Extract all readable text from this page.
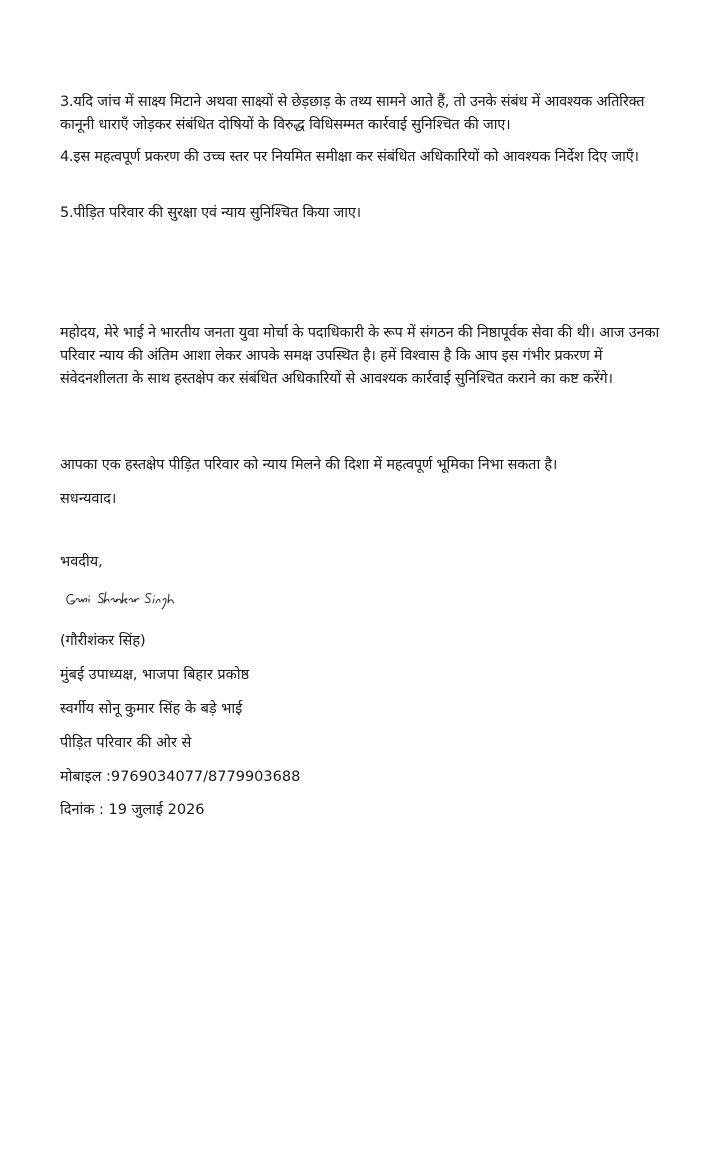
3.यदि जांच में साक्ष्य मिटाने अथवा साक्ष्यों से छेड़छाड़ के तथ्य सामने आते हैं, तो उनके संबंध में आवश्यक अतिरिक्त कानूनी धाराएँ जोड़कर संबंधित दोषियों के विरुद्ध विधिसम्मत कार्रवाई सुनिश्चित की जाए।
4.इस महत्वपूर्ण प्रकरण की उच्च स्तर पर नियमित समीक्षा कर संबंधित अधिकारियों को आवश्यक निर्देश दिए जाएँ।
5.पीड़ित परिवार की सुरक्षा एवं न्याय सुनिश्चित किया जाए।
महोदय, मेरे भाई ने भारतीय जनता युवा मोर्चा के पदाधिकारी के रूप में संगठन की निष्ठापूर्वक सेवा की थी। आज उनका परिवार न्याय की अंतिम आशा लेकर आपके समक्ष उपस्थित है। हमें विश्वास है कि आप इस गंभीर प्रकरण में संवेदनशीलता के साथ हस्तक्षेप कर संबंधित अधिकारियों से आवश्यक कार्रवाई सुनिश्चित कराने का कष्ट करेंगे।
आपका एक हस्तक्षेप पीड़ित परिवार को न्याय मिलने की दिशा में महत्वपूर्ण भूमिका निभा सकता है।
सधन्यवाद।
भवदीय,
(गौरीशंकर सिंह)
मुंबई उपाध्यक्ष, भाजपा बिहार प्रकोष्ठ
स्वर्गीय सोनू कुमार सिंह के बड़े भाई
पीड़ित परिवार की ओर से
मोबाइल :9769034077/8779903688
दिनांक : 19 जुलाई 2026
